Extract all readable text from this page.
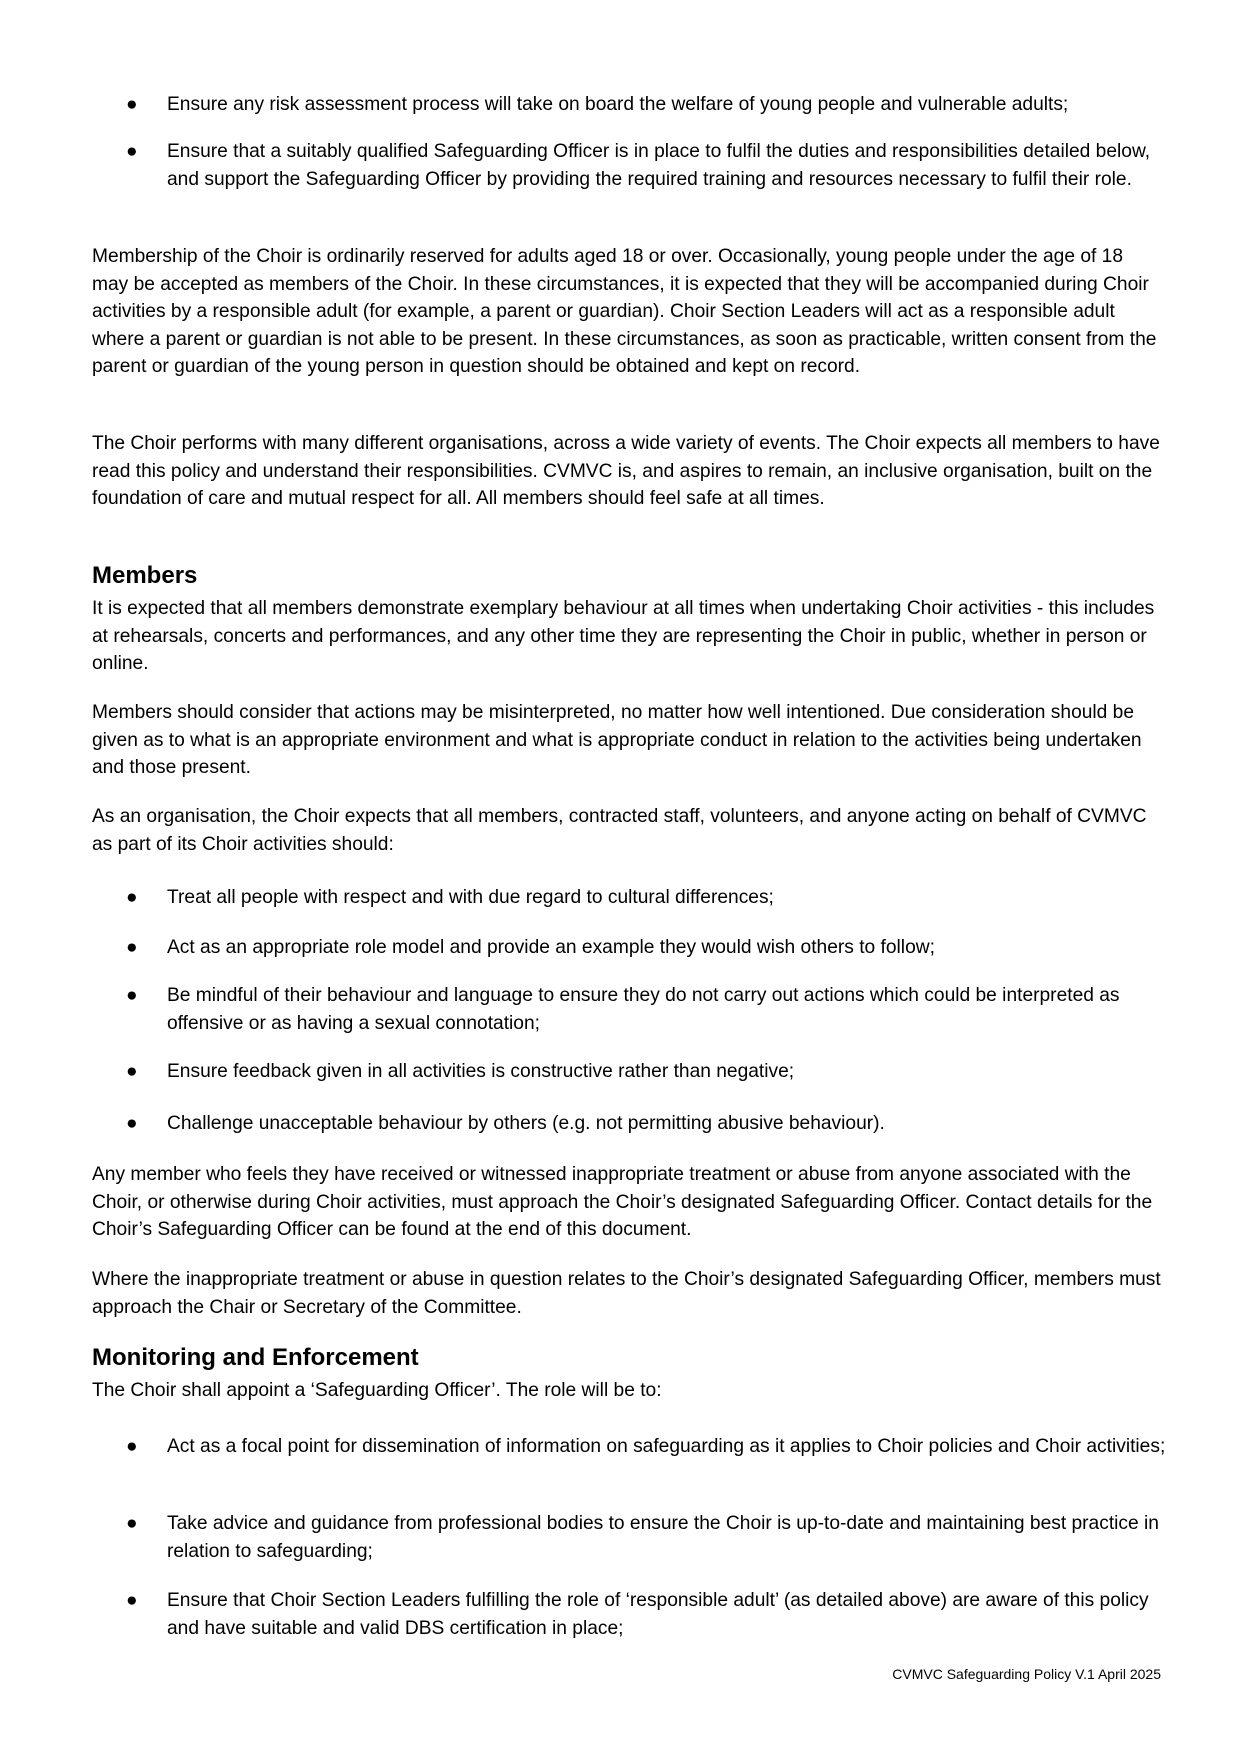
● Ensure any risk assessment process will take on board the welfare of young people and vulnerable adults;
● Ensure that a suitably qualified Safeguarding Officer is in place to fulfil the duties and responsibilities detailed below, and support the Safeguarding Officer by providing the required training and resources necessary to fulfil their role.

Membership of the Choir is ordinarily reserved for adults aged 18 or over. Occasionally, young people under the age of 18 may be accepted as members of the Choir. In these circumstances, it is expected that they will be accompanied during Choir activities by a responsible adult (for example, a parent or guardian). Choir Section Leaders will act as a responsible adult where a parent or guardian is not able to be present. In these circumstances, as soon as practicable, written consent from the parent or guardian of the young person in question should be obtained and kept on record.

The Choir performs with many different organisations, across a wide variety of events. The Choir expects all members to have read this policy and understand their responsibilities. CVMVC is, and aspires to remain, an inclusive organisation, built on the foundation of care and mutual respect for all. All members should feel safe at all times.

Members

It is expected that all members demonstrate exemplary behaviour at all times when undertaking Choir activities - this includes at rehearsals, concerts and performances, and any other time they are representing the Choir in public, whether in person or online.

Members should consider that actions may be misinterpreted, no matter how well intentioned. Due consideration should be given as to what is an appropriate environment and what is appropriate conduct in relation to the activities being undertaken and those present.

As an organisation, the Choir expects that all members, contracted staff, volunteers, and anyone acting on behalf of CVMVC as part of its Choir activities should:

● Treat all people with respect and with due regard to cultural differences;
● Act as an appropriate role model and provide an example they would wish others to follow;
● Be mindful of their behaviour and language to ensure they do not carry out actions which could be interpreted as offensive or as having a sexual connotation;
● Ensure feedback given in all activities is constructive rather than negative;
● Challenge unacceptable behaviour by others (e.g. not permitting abusive behaviour).

Any member who feels they have received or witnessed inappropriate treatment or abuse from anyone associated with the Choir, or otherwise during Choir activities, must approach the Choir’s designated Safeguarding Officer. Contact details for the Choir’s Safeguarding Officer can be found at the end of this document.

Where the inappropriate treatment or abuse in question relates to the Choir’s designated Safeguarding Officer, members must approach the Chair or Secretary of the Committee.

Monitoring and Enforcement

The Choir shall appoint a ‘Safeguarding Officer’. The role will be to:

● Act as a focal point for dissemination of information on safeguarding as it applies to Choir policies and Choir activities;
● Take advice and guidance from professional bodies to ensure the Choir is up-to-date and maintaining best practice in relation to safeguarding;
● Ensure that Choir Section Leaders fulfilling the role of ‘responsible adult’ (as detailed above) are aware of this policy and have suitable and valid DBS certification in place;
CVMVC Safeguarding Policy V.1 April 2025
